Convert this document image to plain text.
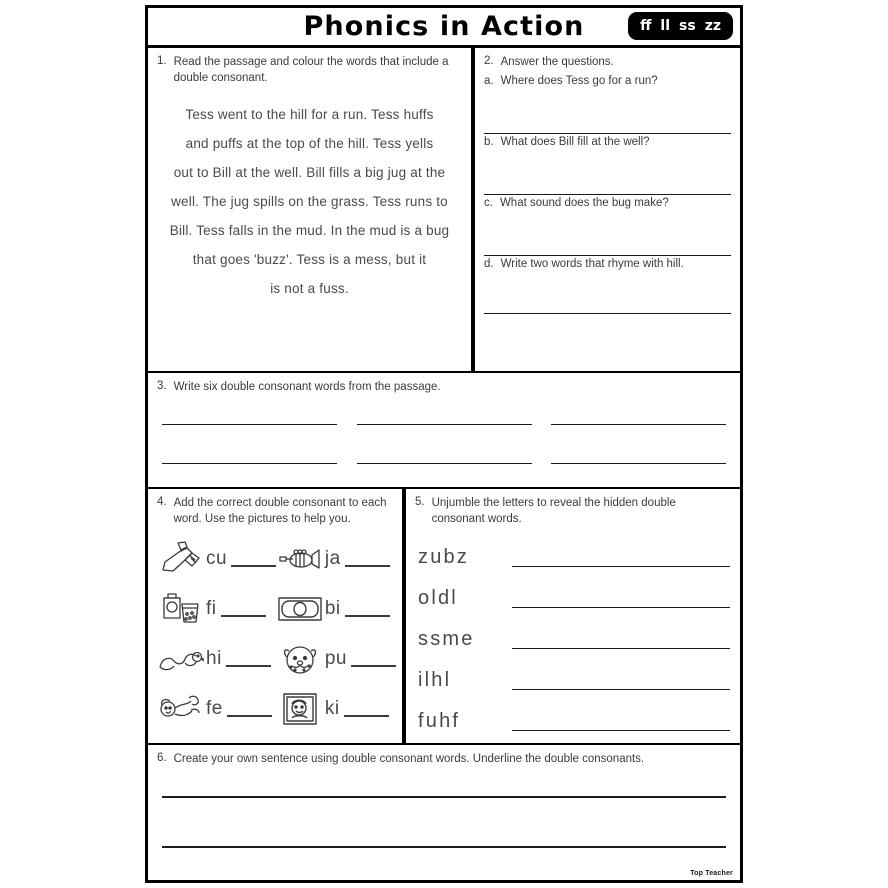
Phonics in Action	ff ll ss zz
1. Read the passage and colour the words that include a double consonant.
Tess went to the hill for a run. Tess huffs
and puffs at the top of the hill. Tess yells
out to Bill at the well. Bill fills a big jug at the
well. The jug spills on the grass. Tess runs to
Bill. Tess falls in the mud. In the mud is a bug
that goes 'buzz'. Tess is a mess, but it
is not a fuss.
2. Answer the questions.
a. Where does Tess go for a run?
b. What does Bill fill at the well?
c. What sound does the bug make?
d. Write two words that rhyme with hill.
3. Write six double consonant words from the passage.
4. Add the correct double consonant to each word. Use the pictures to help you.
cu	ja
fi	bi
hi	pu
fe	ki
5. Unjumble the letters to reveal the hidden double consonant words.
zubz
oldl
ssme
ilhl
fuhf
6. Create your own sentence using double consonant words. Underline the double consonants.
Top Teacher
